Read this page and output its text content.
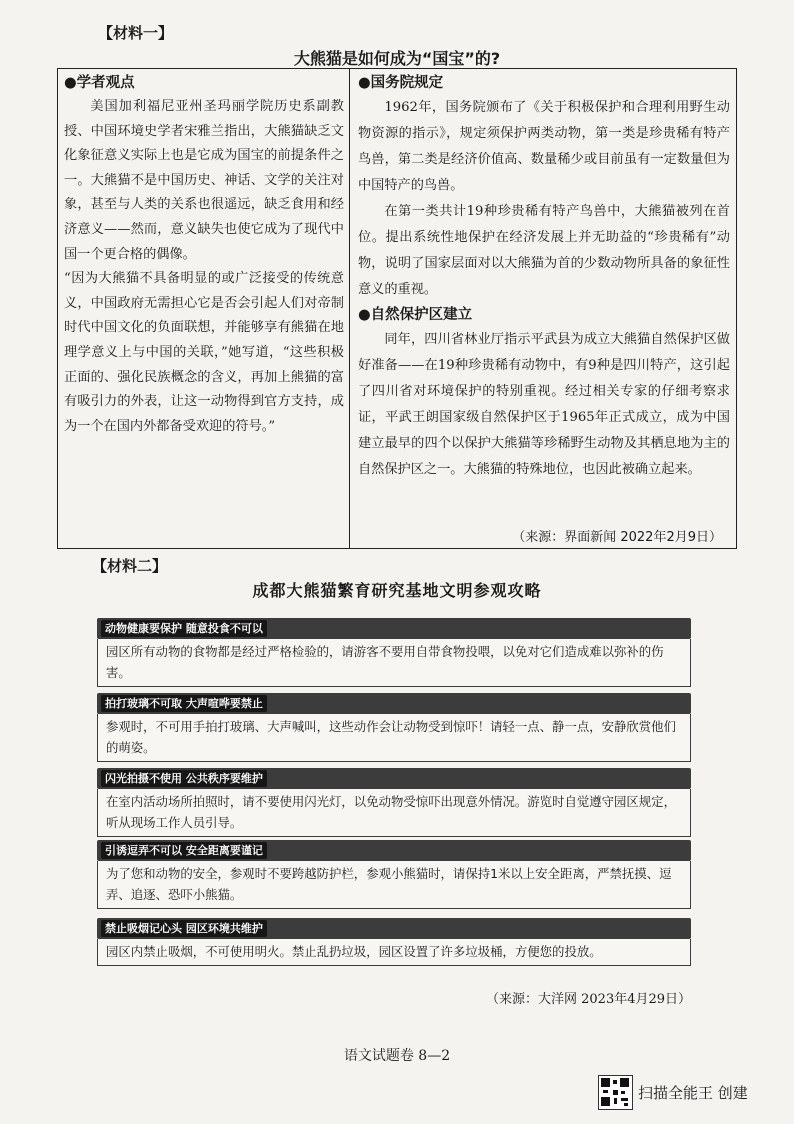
【材料一】
大熊猫是如何成为“国宝”的?
●学者观点

美国加利福尼亚州圣玛丽学院历史系副教授、中国环境史学者宋雅兰指出，大熊猫缺乏文化象征意义实际上也是它成为国宝的前提条件之一。大熊猫不是中国历史、神话、文学的关注对象，甚至与人类的关系也很遥远，缺乏食用和经济意义——然而，意义缺失也使它成为了现代中国一个更合格的偶像。

“因为大熊猫不具备明显的或广泛接受的传统意义，中国政府无需担心它是否会引起人们对帝制时代中国文化的负面联想，并能够享有熊猫在地理学意义上与中国的关联，”她写道，“这些积极正面的、强化民族概念的含义，再加上熊猫的富有吸引力的外表，让这一动物得到官方支持，成为一个在国内外都备受欢迎的符号。”

●国务院规定

1962年，国务院颁布了《关于积极保护和合理利用野生动物资源的指示》，规定须保护两类动物，第一类是珍贵稀有特产鸟兽，第二类是经济价值高、数量稀少或目前虽有一定数量但为中国特产的鸟兽。

在第一类共计19种珍贵稀有特产鸟兽中，大熊猫被列在首位。提出系统性地保护在经济发展上并无助益的“珍贵稀有”动物，说明了国家层面对以大熊猫为首的少数动物所具备的象征性意义的重视。

●自然保护区建立

同年，四川省林业厅指示平武县为成立大熊猫自然保护区做好准备——在19种珍贵稀有动物中，有9种是四川特产，这引起了四川省对环境保护的特别重视。经过相关专家的仔细考察求证，平武王朗国家级自然保护区于1965年正式成立，成为中国建立最早的四个以保护大熊猫等珍稀野生动物及其栖息地为主的自然保护区之一。大熊猫的特殊地位，也因此被确立起来。

（来源：界面新闻 2022年2月9日）
【材料二】
成都大熊猫繁育研究基地文明参观攻略
动物健康要保护 随意投食不可以
园区所有动物的食物都是经过严格检验的，请游客不要用自带食物投喂，以免对它们造成难以弥补的伤害。
拍打玻璃不可取 大声喧哗要禁止
参观时，不可用手拍打玻璃、大声喊叫，这些动作会让动物受到惊吓！请轻一点、静一点，安静欣赏他们的萌姿。
闪光拍摄不使用 公共秩序要维护
在室内活动场所拍照时，请不要使用闪光灯，以免动物受惊吓出现意外情况。游览时自觉遵守园区规定，听从现场工作人员引导。
引诱逗弄不可以 安全距离要谨记
为了您和动物的安全，参观时不要跨越防护栏，参观小熊猫时，请保持1米以上安全距离，严禁抚摸、逗弄、追逐、恐吓小熊猫。
禁止吸烟记心头 园区环境共维护
园区内禁止吸烟，不可使用明火。禁止乱扔垃圾，园区设置了许多垃圾桶，方便您的投放。
（来源：大洋网 2023年4月29日）
语文试题卷 8—2
扫描全能王 创建
